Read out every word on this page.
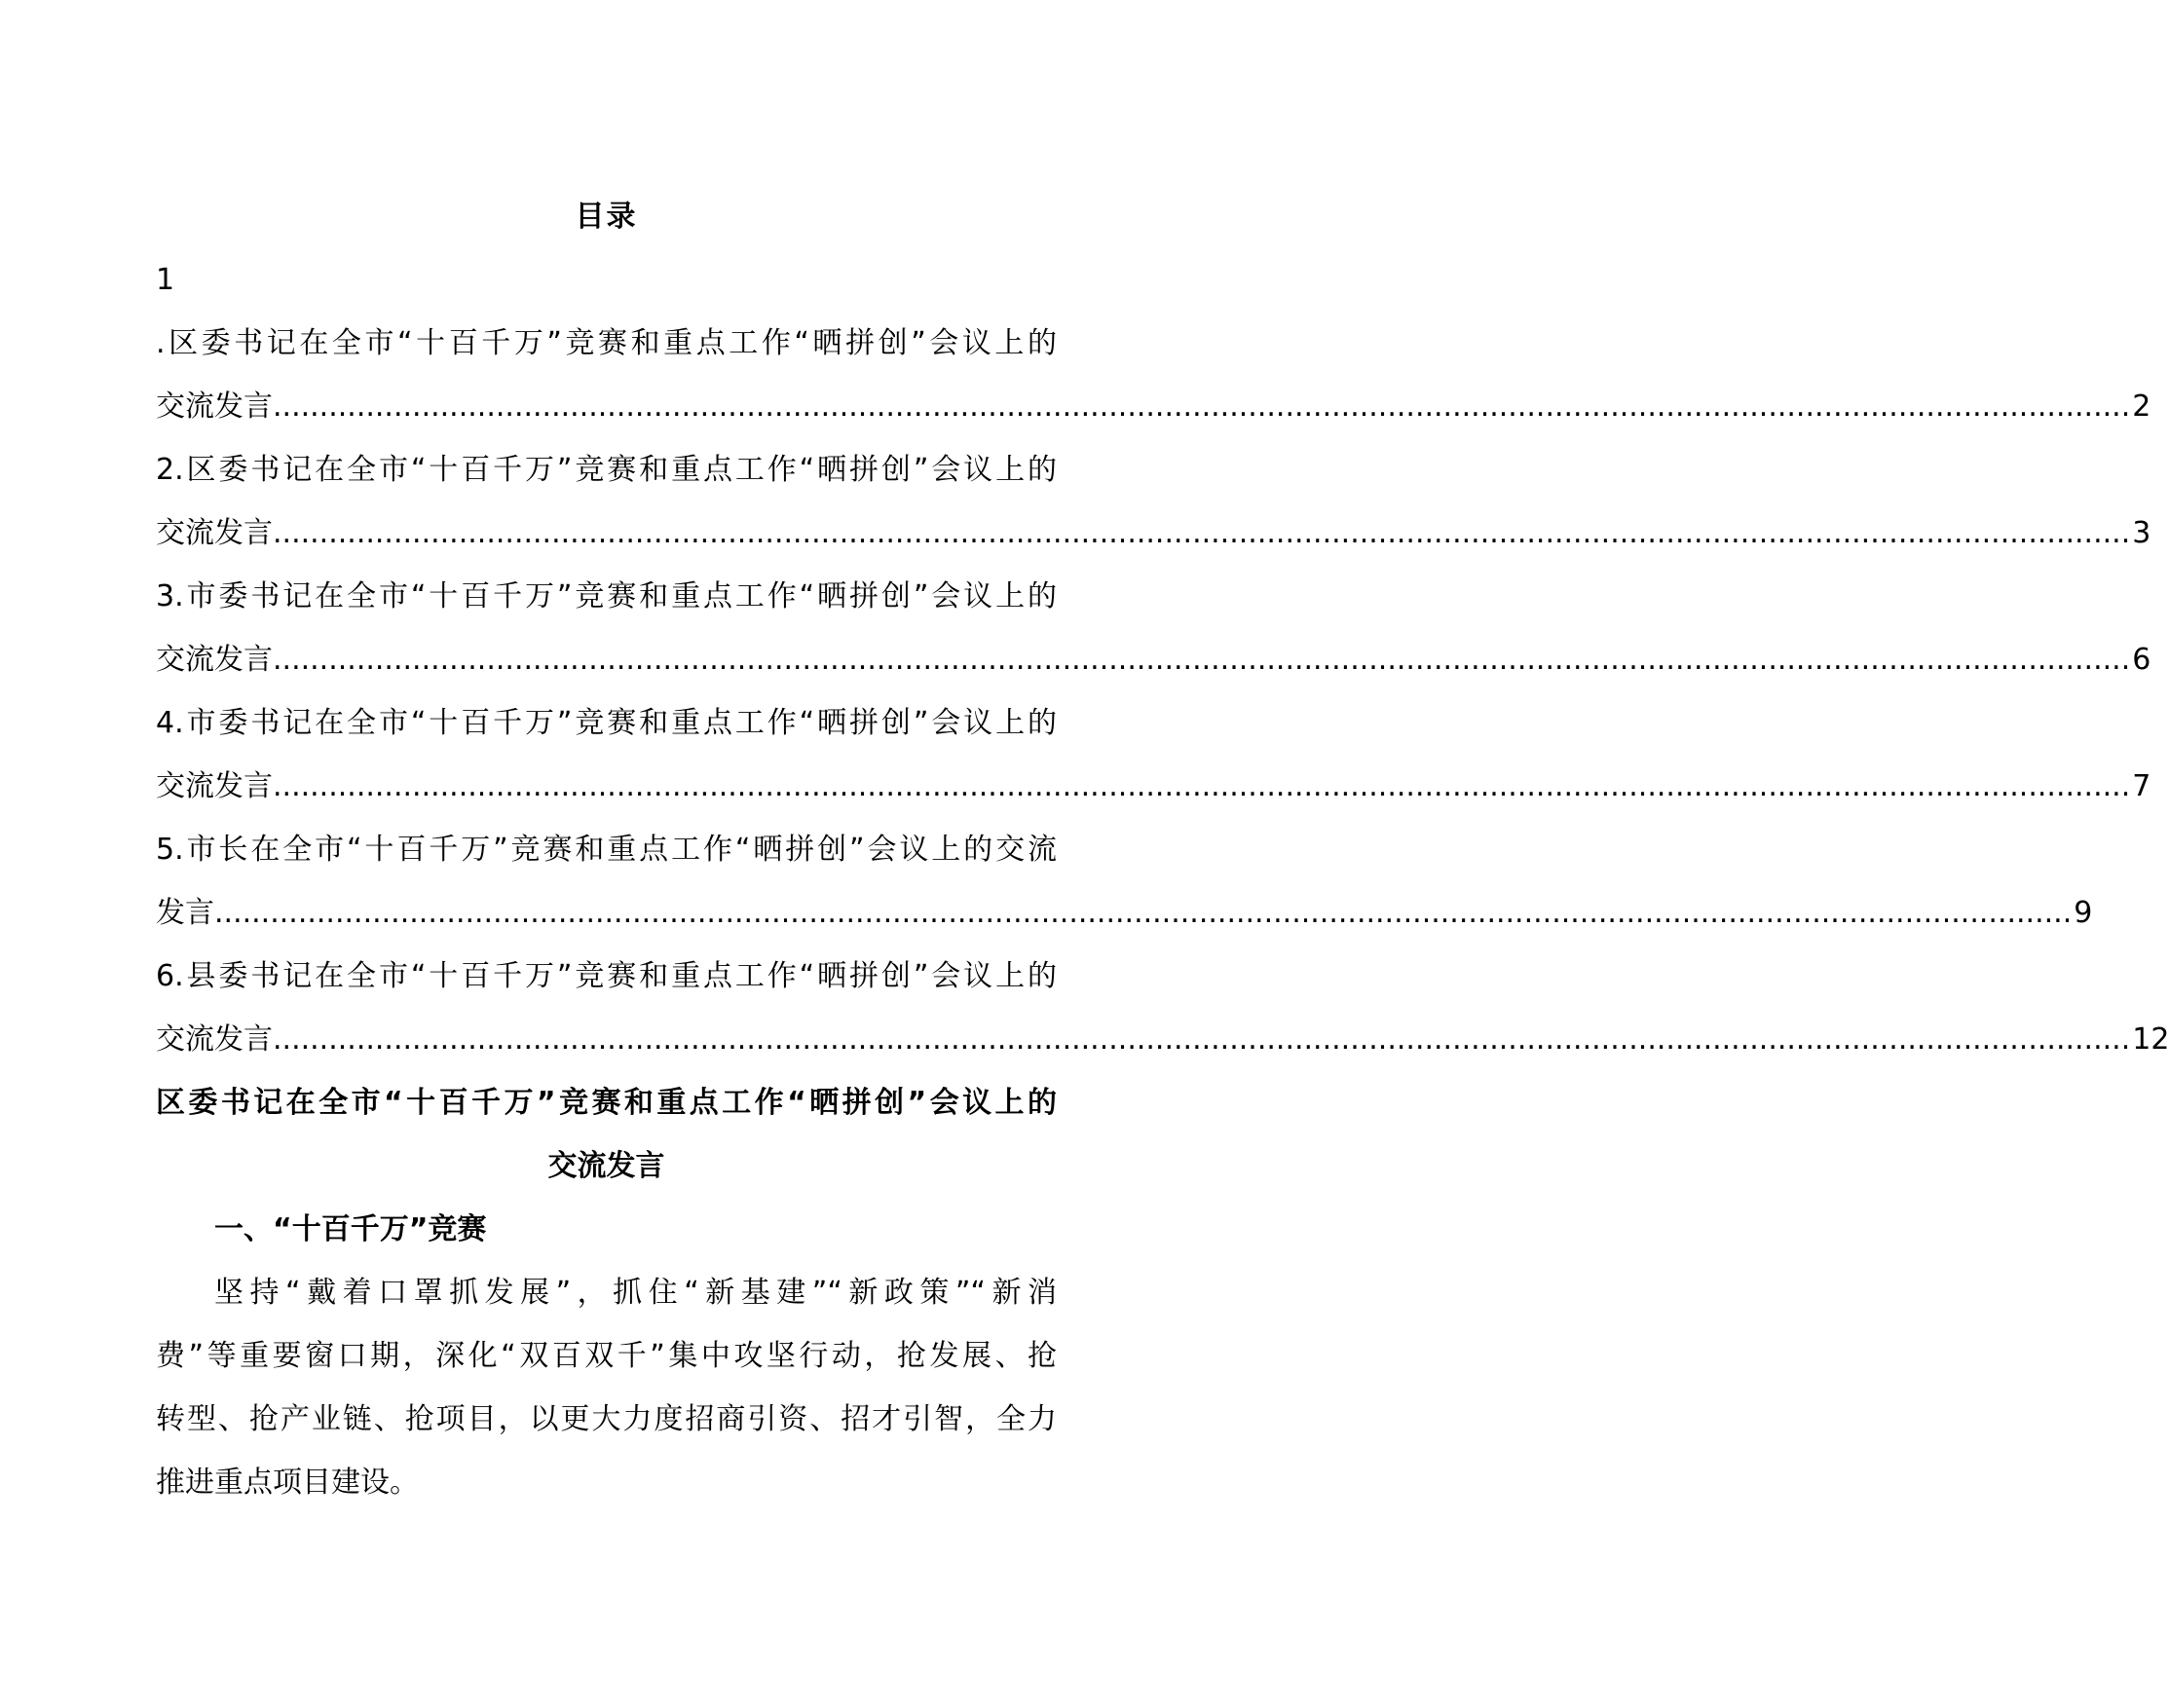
目录
1
.区委书记在全市“十百千万”竞赛和重点工作“晒拼创”会议上的
交流发言 ........................................................................................................................................................................................................ 2
2.区委书记在全市“十百千万”竞赛和重点工作“晒拼创”会议上的
交流发言 ........................................................................................................................................................................................................ 3
3.市委书记在全市“十百千万”竞赛和重点工作“晒拼创”会议上的
交流发言 ........................................................................................................................................................................................................ 6
4.市委书记在全市“十百千万”竞赛和重点工作“晒拼创”会议上的
交流发言 ........................................................................................................................................................................................................ 7
5.市长在全市“十百千万”竞赛和重点工作“晒拼创”会议上的交流
发言 ........................................................................................................................................................................................................ 9
6.县委书记在全市“十百千万”竞赛和重点工作“晒拼创”会议上的
交流发言 ........................................................................................................................................................................................................ 12
区委书记在全市“十百千万”竞赛和重点工作“晒拼创”会议上的
交流发言
一、“十百千万”竞赛
坚持“戴着口罩抓发展”，抓住“新基建”“新政策”“新消
费”等重要窗口期，深化“双百双千”集中攻坚行动，抢发展、抢
转型、抢产业链、抢项目，以更大力度招商引资、招才引智，全力
推进重点项目建设。
